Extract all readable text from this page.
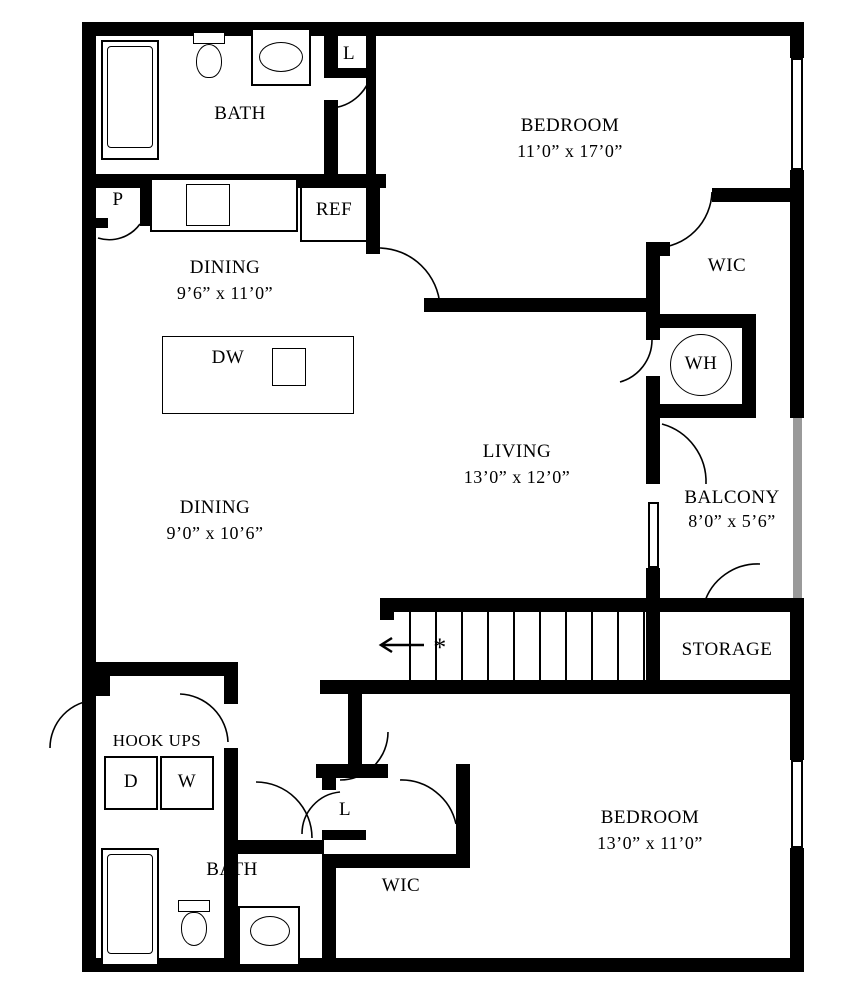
BATH
BEDROOM
11’0” x 17’0”
DINING
9’6” x 11’0”
WIC
LIVING
13’0” x 12’0”
DINING
9’0” x 10’6”
BALCONY
8’0” x 5’6”
STORAGE
HOOK UPS
BATH
WIC
BEDROOM
13’0” x 11’0”
L
P	REF
DW	WH
D	W
L
*
